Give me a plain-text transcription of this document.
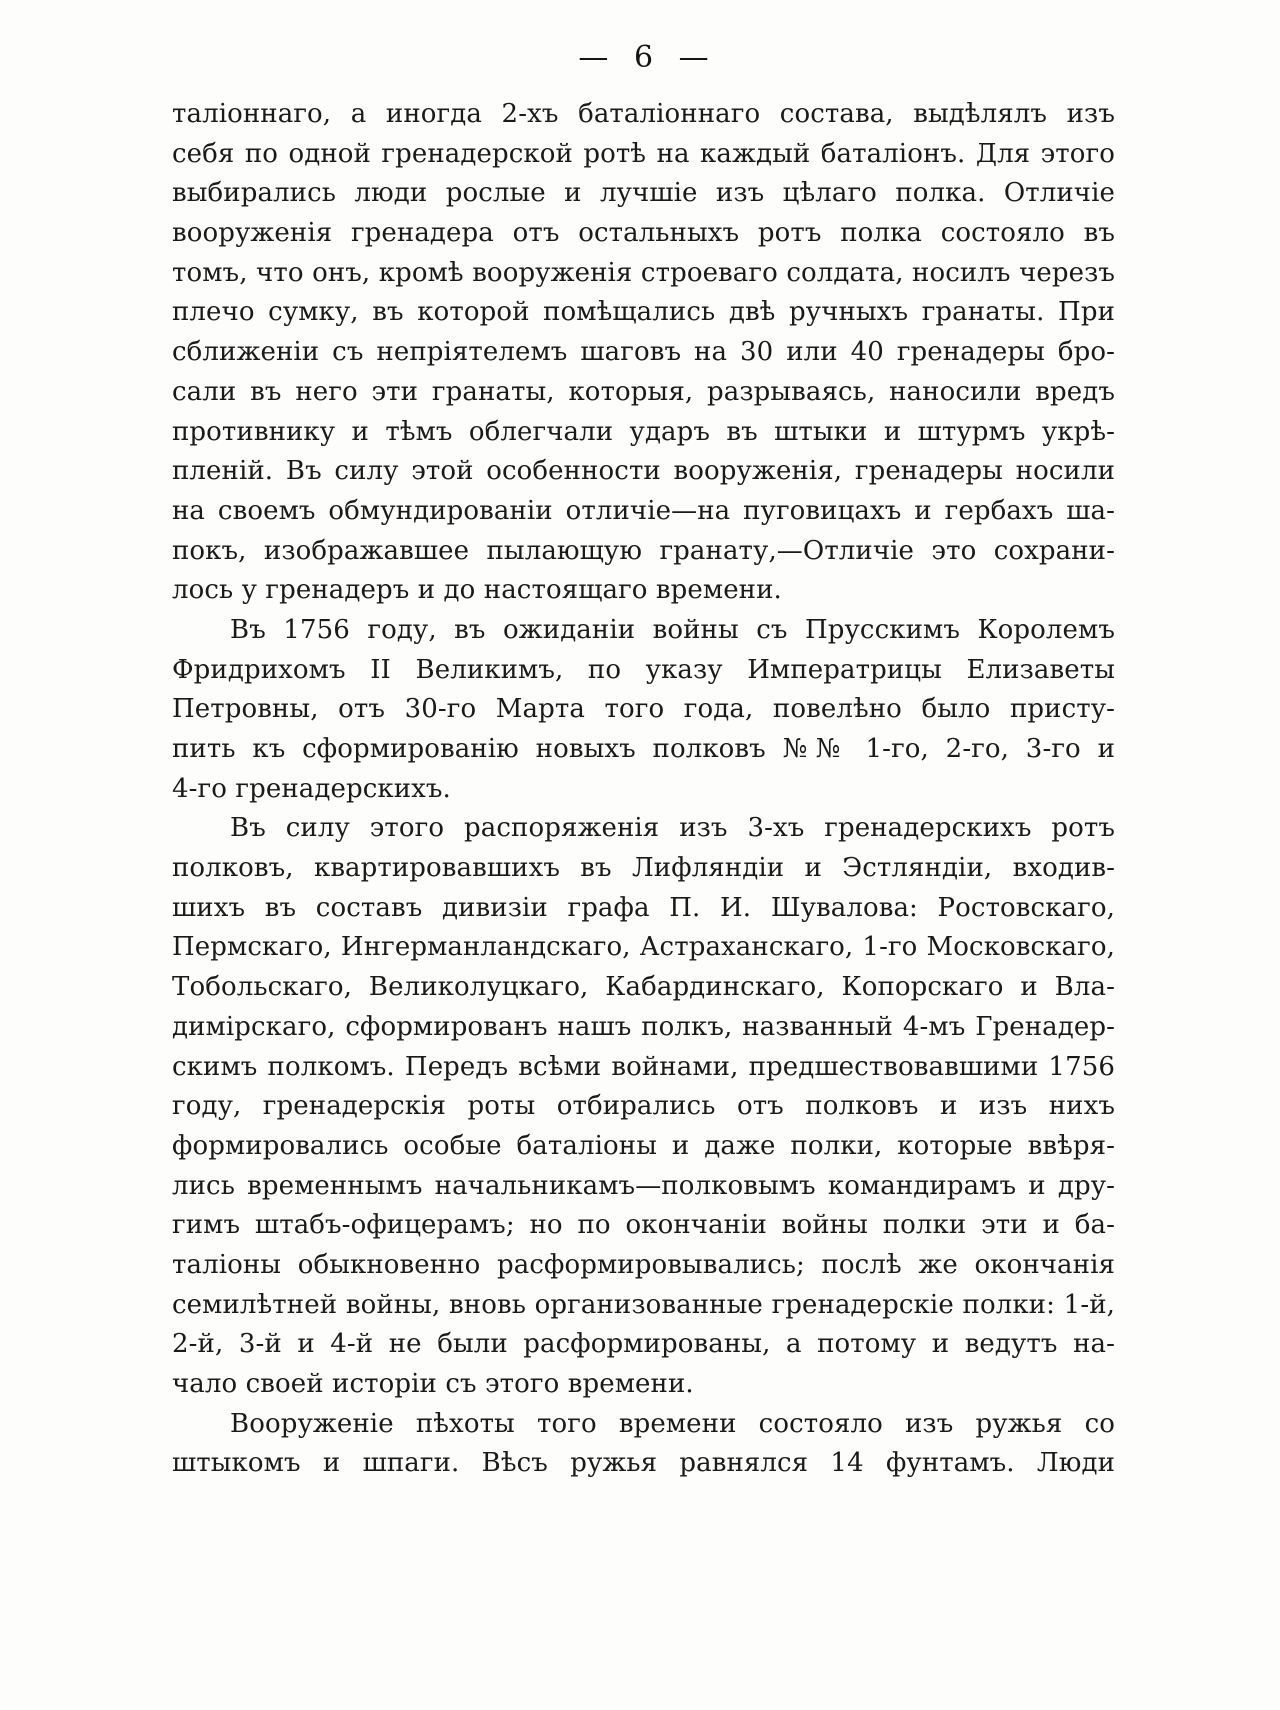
— 6 —
таліоннаго, а иногда 2-хъ баталіоннаго состава, выдѣлялъ изъ
себя по одной гренадерской ротѣ на каждый баталіонъ. Для этого
выбирались люди рослые и лучшіе изъ цѣлаго полка. Отличіе
вооруженія гренадера отъ остальныхъ ротъ полка состояло въ
томъ, что онъ, кромѣ вооруженія строеваго солдата, носилъ черезъ
плечо сумку, въ которой помѣщались двѣ ручныхъ гранаты. При
сближеніи съ непріятелемъ шаговъ на 30 или 40 гренадеры бро-
сали въ него эти гранаты, которыя, разрываясь, наносили вредъ
противнику и тѣмъ облегчали ударъ въ штыки и штурмъ укрѣ-
пленій. Въ силу этой особенности вооруженія, гренадеры носили
на своемъ обмундированіи отличіе—на пуговицахъ и гербахъ ша-
покъ, изображавшее пылающую гранату,—Отличіе это сохрани-
лось у гренадеръ и до настоящаго времени.
Въ 1756 году, въ ожиданіи войны съ Прусскимъ Королемъ
Фридрихомъ II Великимъ, по указу Императрицы Елизаветы
Петровны, отъ 30-го Марта того года, повелѣно было присту-
пить къ сформированію новыхъ полковъ №№ 1-го, 2-го, 3-го и
4-го гренадерскихъ.
Въ силу этого распоряженія изъ 3-хъ гренадерскихъ ротъ
полковъ, квартировавшихъ въ Лифляндіи и Эстляндіи, входив-
шихъ въ составъ дивизіи графа П. И. Шувалова: Ростовскаго,
Пермскаго, Ингерманландскаго, Астраханскаго, 1-го Московскаго,
Тобольскаго, Великолуцкаго, Кабардинскаго, Копорскаго и Вла-
димірскаго, сформированъ нашъ полкъ, названный 4-мъ Гренадер-
скимъ полкомъ. Передъ всѣми войнами, предшествовавшими 1756
году, гренадерскія роты отбирались отъ полковъ и изъ нихъ
формировались особые баталіоны и даже полки, которые ввѣря-
лись временнымъ начальникамъ—полковымъ командирамъ и дру-
гимъ штабъ-офицерамъ; но по окончаніи войны полки эти и ба-
таліоны обыкновенно расформировывались; послѣ же окончанія
семилѣтней войны, вновь организованные гренадерскіе полки: 1-й,
2-й, 3-й и 4-й не были расформированы, а потому и ведутъ на-
чало своей исторіи съ этого времени.
Вооруженіе пѣхоты того времени состояло изъ ружья со
штыкомъ и шпаги. Вѣсъ ружья равнялся 14 фунтамъ. Люди
